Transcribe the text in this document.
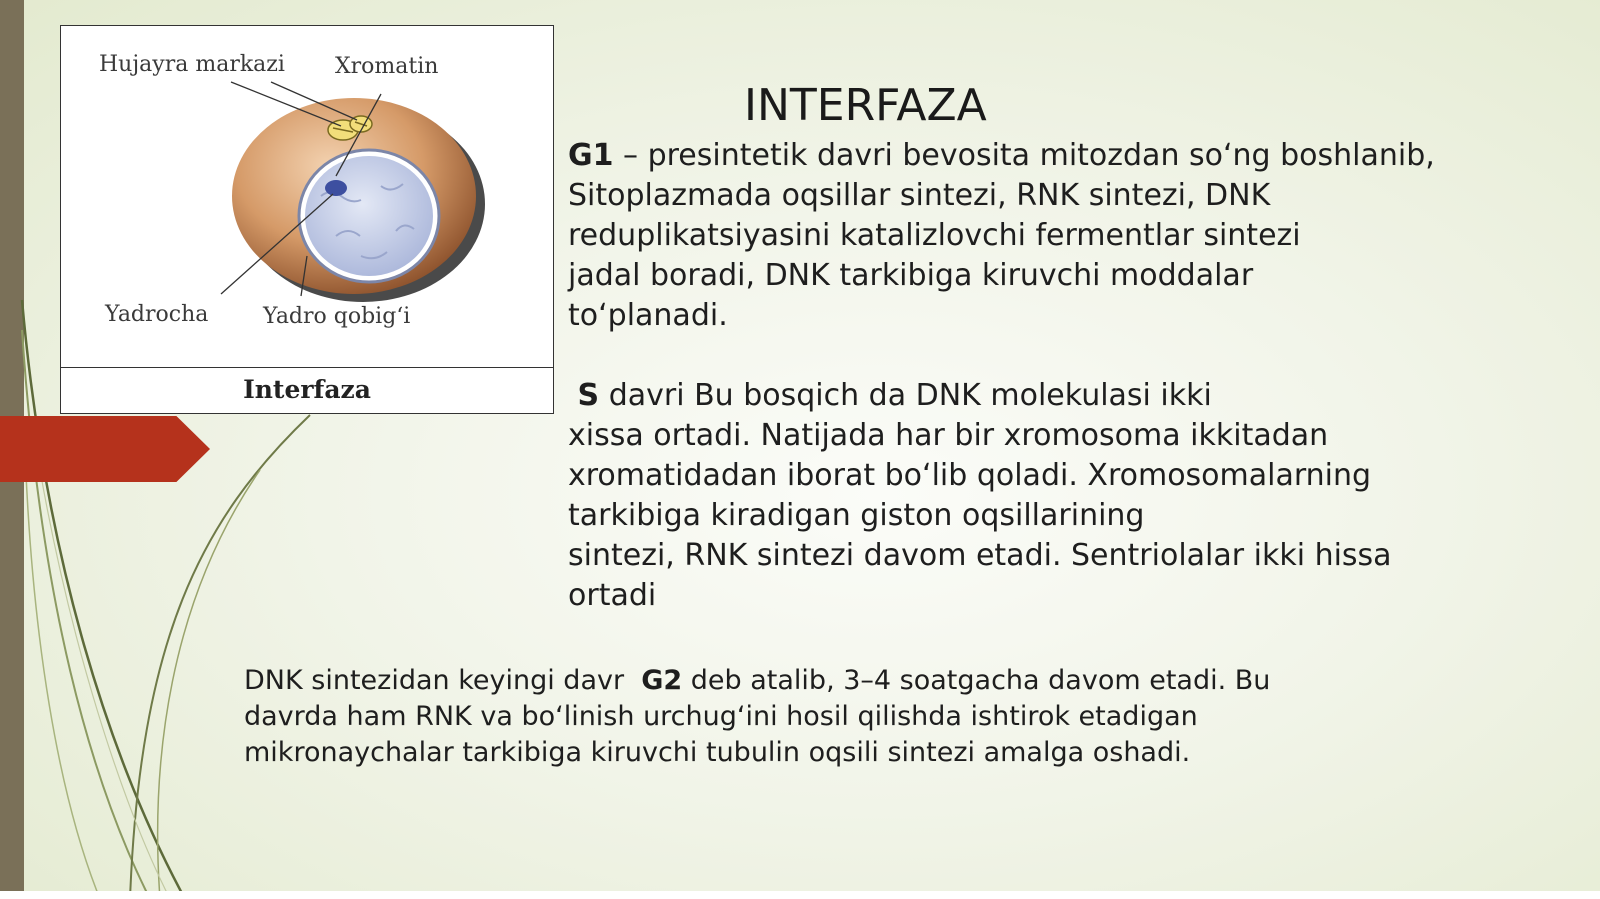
Hujayra markazi Xromatin
Yadrocha Yadro qobig‘i
Interfaza
INTERFAZA

G1 – presintetik davri bevosita mitozdan so‘ng boshlanib,
Sitoplazmada oqsillar sintezi, RNK sintezi, DNK
reduplikatsiyasini katalizlovchi fermentlar sintezi
jadal boradi, DNK tarkibiga kiruvchi moddalar
to‘planadi.

S davri Bu bosqich da DNK molekulasi ikki
xissa ortadi. Natijada har bir xromosoma ikkitadan
xromatidadan iborat bo‘lib qoladi. Xromosomalarning
tarkibiga kiradigan giston oqsillarining
sintezi, RNK sintezi davom etadi. Sentriolalar ikki hissa
ortadi

DNK sintezidan keyingi davr  G2 deb atalib, 3–4 soatgacha davom etadi. Bu
davrda ham RNK va bo‘linish urchug‘ini hosil qilishda ishtirok etadigan
mikronaychalar tarkibiga kiruvchi tubulin oqsili sintezi amalga oshadi.
